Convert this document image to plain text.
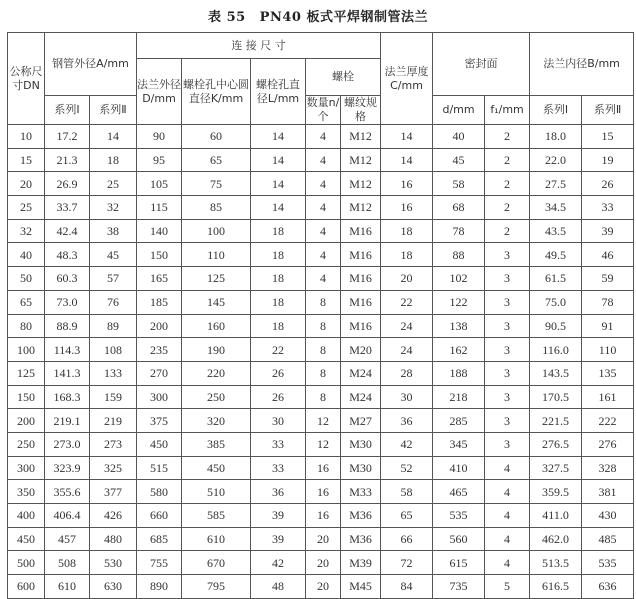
表 55 PN40 板式平焊钢制管法兰
公称尺寸DN	钢管外径A/mm		连 接 尺 寸					法兰厚度C/mm	密封面		法兰内径B/mm	
			法兰外径D/mm	螺栓孔中心圆直径K/mm	螺栓孔直径L/mm	螺栓						
	系列Ⅰ	系列Ⅱ				数量n/个	螺纹规格		d/mm	f₁/mm	系列Ⅰ	系列Ⅱ
10	17.2	14	90	60	14	4	M12	14	40	2	18.0	15
15	21.3	18	95	65	14	4	M12	14	45	2	22.0	19
20	26.9	25	105	75	14	4	M12	16	58	2	27.5	26
25	33.7	32	115	85	14	4	M12	16	68	2	34.5	33
32	42.4	38	140	100	18	4	M16	18	78	2	43.5	39
40	48.3	45	150	110	18	4	M16	18	88	3	49.5	46
50	60.3	57	165	125	18	4	M16	20	102	3	61.5	59
65	73.0	76	185	145	18	8	M16	22	122	3	75.0	78
80	88.9	89	200	160	18	8	M16	24	138	3	90.5	91
100	114.3	108	235	190	22	8	M20	24	162	3	116.0	110
125	141.3	133	270	220	26	8	M24	28	188	3	143.5	135
150	168.3	159	300	250	26	8	M24	30	218	3	170.5	161
200	219.1	219	375	320	30	12	M27	36	285	3	221.5	222
250	273.0	273	450	385	33	12	M30	42	345	3	276.5	276
300	323.9	325	515	450	33	16	M30	52	410	4	327.5	328
350	355.6	377	580	510	36	16	M33	58	465	4	359.5	381
400	406.4	426	660	585	39	16	M36	65	535	4	411.0	430
450	457	480	685	610	39	20	M36	66	560	4	462.0	485
500	508	530	755	670	42	20	M39	72	615	4	513.5	535
600	610	630	890	795	48	20	M45	84	735	5	616.5	636
